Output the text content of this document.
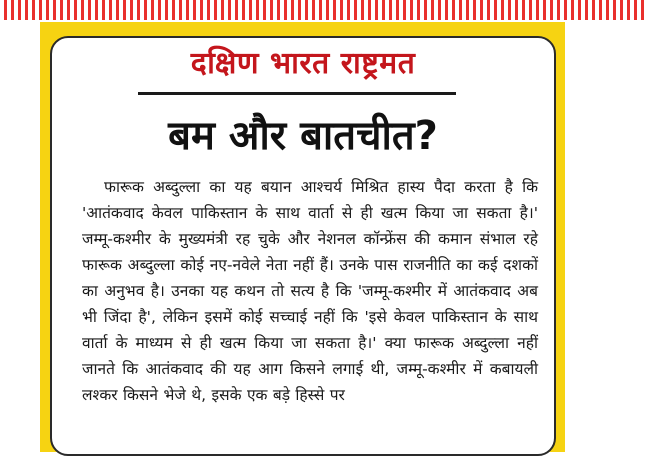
दक्षिण भारत राष्ट्रमत
बम और बातचीत?

फारूक अब्दुल्ला का यह बयान आश्चर्य मिश्रित हास्य पैदा करता है कि 'आतंकवाद केवल पाकिस्तान के साथ वार्ता से ही खत्म किया जा सकता है।' जम्मू-कश्मीर के मुख्यमंत्री रह चुके और नेशनल कॉन्फ्रेंस की कमान संभाल रहे फारूक अब्दुल्ला कोई नए-नवेले नेता नहीं हैं। उनके पास राजनीति का कई दशकों का अनुभव है। उनका यह कथन तो सत्य है कि 'जम्मू-कश्मीर में आतंकवाद अब भी जिंदा है', लेकिन इसमें कोई सच्चाई नहीं कि 'इसे केवल पाकिस्तान के साथ वार्ता के माध्यम से ही खत्म किया जा सकता है।' क्या फारूक अब्दुल्ला नहीं जानते कि आतंकवाद की यह आग किसने लगाई थी, जम्मू-कश्मीर में कबायली लश्कर किसने भेजे थे, इसके एक बड़े हिस्से पर
